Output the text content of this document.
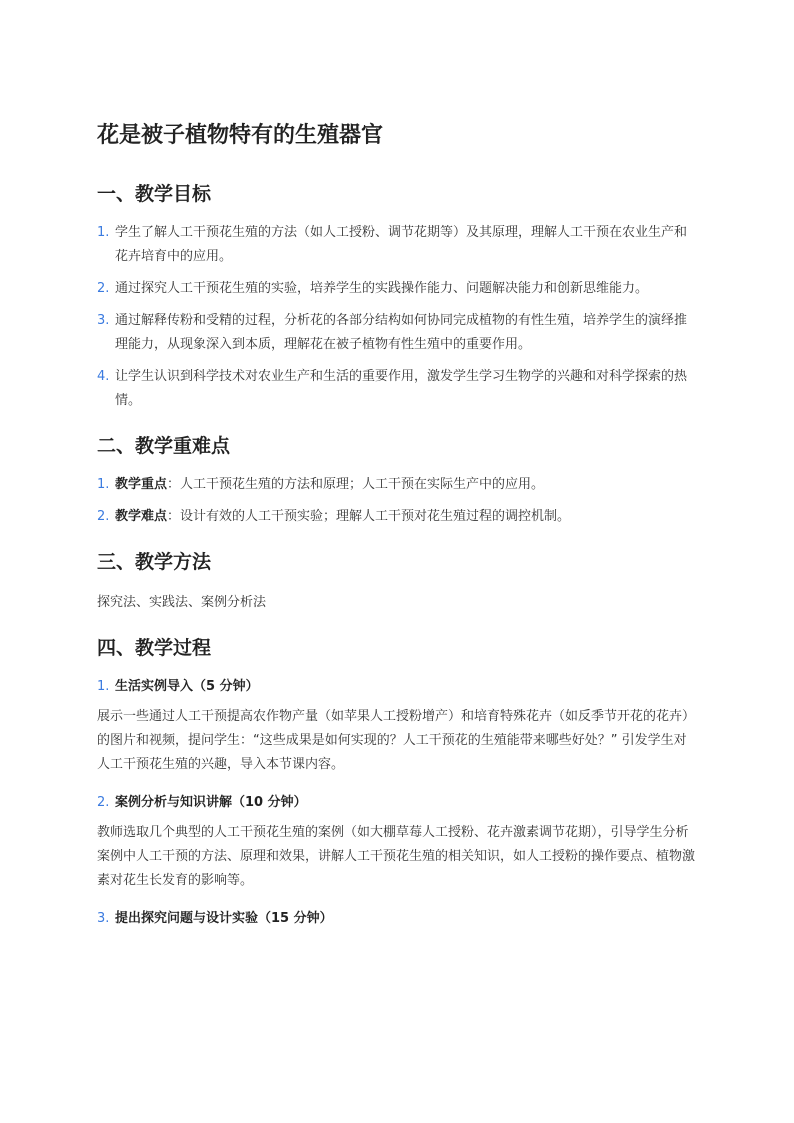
花是被子植物特有的生殖器官
一、教学目标
1. 学生了解人工干预花生殖的方法（如人工授粉、调节花期等）及其原理，理解人工干预在农业生产和花卉培育中的应用。
2. 通过探究人工干预花生殖的实验，培养学生的实践操作能力、问题解决能力和创新思维能力。
3. 通过解释传粉和受精的过程，分析花的各部分结构如何协同完成植物的有性生殖，培养学生的演绎推理能力，从现象深入到本质，理解花在被子植物有性生殖中的重要作用。
4. 让学生认识到科学技术对农业生产和生活的重要作用，激发学生学习生物学的兴趣和对科学探索的热情。
二、教学重难点
1. 教学重点：人工干预花生殖的方法和原理；人工干预在实际生产中的应用。
2. 教学难点：设计有效的人工干预实验；理解人工干预对花生殖过程的调控机制。
三、教学方法

探究法、实践法、案例分析法

四、教学过程
1. 生活实例导入（5 分钟）

展示一些通过人工干预提高农作物产量（如苹果人工授粉增产）和培育特殊花卉（如反季节开花的花卉）的图片和视频，提问学生：“这些成果是如何实现的？人工干预花的生殖能带来哪些好处？” 引发学生对人工干预花生殖的兴趣，导入本节课内容。

2. 案例分析与知识讲解（10 分钟）

教师选取几个典型的人工干预花生殖的案例（如大棚草莓人工授粉、花卉激素调节花期），引导学生分析案例中人工干预的方法、原理和效果，讲解人工干预花生殖的相关知识，如人工授粉的操作要点、植物激素对花生长发育的影响等。

3. 提出探究问题与设计实验（15 分钟）
